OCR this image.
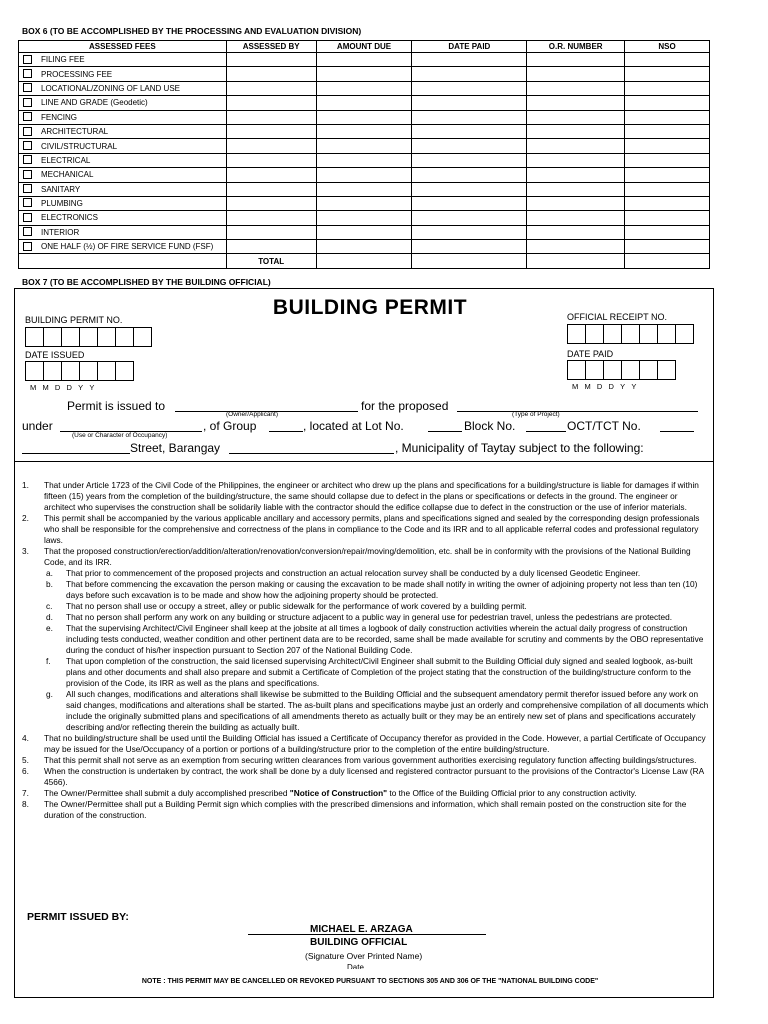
BOX 6 (TO BE ACCOMPLISHED BY THE PROCESSING AND EVALUATION DIVISION)
ASSESSED FEES	ASSESSED BY	AMOUNT DUE	DATE PAID	O.R. NUMBER	NSO
FILING FEE					
PROCESSING FEE					
LOCATIONAL/ZONING OF LAND USE					
LINE AND GRADE (Geodetic)					
FENCING					
ARCHITECTURAL					
CIVIL/STRUCTURAL					
ELECTRICAL					
MECHANICAL					
SANITARY					
PLUMBING					
ELECTRONICS					
INTERIOR					
ONE HALF (½) OF FIRE SERVICE FUND (FSF)					
	TOTAL				
BOX 7 (TO BE ACCOMPLISHED BY THE BUILDING OFFICIAL)
BUILDING PERMIT
BUILDING PERMIT NO.
DATE ISSUED
MMDDYY
OFFICIAL RECEIPT NO.
DATE PAID
MMDDYY
Permit is issued to
(Owner/Applicant)
for the proposed
(Type of Project)
under
(Use or Character of Occupancy)
, of Group	, located at Lot No.	Block No.	OCT/TCT No.
Street, Barangay	, Municipality of Taytay subject to the following:
1. That under Article 1723 of the Civil Code of the Philippines, the engineer or architect who drew up the plans and specifications for a building/structure is liable for damages if within fifteen (15) years from the completion of the building/structure, the same should collapse due to defect in the plans or specifications or defects in the ground. The engineer or architect who supervises the construction shall be solidarily liable with the contractor should the edifice collapse due to defect in the construction or the use of inferior materials.
2. This permit shall be accompanied by the various applicable ancillary and accessory permits, plans and specifications signed and sealed by the corresponding design professionals who shall be responsible for the comprehensive and correctness of the plans in compliance to the Code and its IRR and to all applicable referral codes and professional regulatory laws.
3. That the proposed construction/erection/addition/alteration/renovation/conversion/repair/moving/demolition, etc. shall be in conformity with the provisions of the National Building Code, and its IRR.
a. That prior to commencement of the proposed projects and construction an actual relocation survey shall be conducted by a duly licensed Geodetic Engineer.
b. That before commencing the excavation the person making or causing the excavation to be made shall notify in writing the owner of adjoining property not less than ten (10) days before such excavation is to be made and show how the adjoining property should be protected.
c. That no person shall use or occupy a street, alley or public sidewalk for the performance of work covered by a building permit.
d. That no person shall perform any work on any building or structure adjacent to a public way in general use for pedestrian travel, unless the pedestrians are protected.
e. That the supervising Architect/Civil Engineer shall keep at the jobsite at all times a logbook of daily construction activities wherein the actual daily progress of construction including tests conducted, weather condition and other pertinent data are to be recorded, same shall be made available for scrutiny and comments by the OBO representative during the conduct of his/her inspection pursuant to Section 207 of the National Building Code.
f. That upon completion of the construction, the said licensed supervising Architect/Civil Engineer shall submit to the Building Official duly signed and sealed logbook, as-built plans and other documents and shall also prepare and submit a Certificate of Completion of the project stating that the construction of the building/structure conform to the provision of the Code, its IRR as well as the plans and specifications.
g. All such changes, modifications and alterations shall likewise be submitted to the Building Official and the subsequent amendatory permit therefor issued before any work on said changes, modifications and alterations shall be started. The as-built plans and specifications maybe just an orderly and comprehensive compilation of all documents which include the originally submitted plans and specifications of all amendments thereto as actually built or they may be an entirely new set of plans and specifications accurately describing and/or reflecting therein the building as actually built.
4. That no building/structure shall be used until the Building Official has issued a Certificate of Occupancy therefor as provided in the Code. However, a partial Certificate of Occupancy may be issued for the Use/Occupancy of a portion or portions of a building/structure prior to the completion of the entire building/structure.
5. That this permit shall not serve as an exemption from securing written clearances from various government authorities exercising regulatory function affecting buildings/structures.
6. When the construction is undertaken by contract, the work shall be done by a duly licensed and registered contractor pursuant to the provisions of the Contractor's License Law (RA 4566).
7. The Owner/Permittee shall submit a duly accomplished prescribed "Notice of Construction" to the Office of the Building Official prior to any construction activity.
8. The Owner/Permittee shall put a Building Permit sign which complies with the prescribed dimensions and information, which shall remain posted on the construction site for the duration of the construction.
PERMIT ISSUED BY:
MICHAEL E. ARZAGA
BUILDING OFFICIAL
(Signature Over Printed Name)
Date
NOTE : THIS PERMIT MAY BE CANCELLED OR REVOKED PURSUANT TO SECTIONS 305 AND 306 OF THE "NATIONAL BUILDING CODE"
